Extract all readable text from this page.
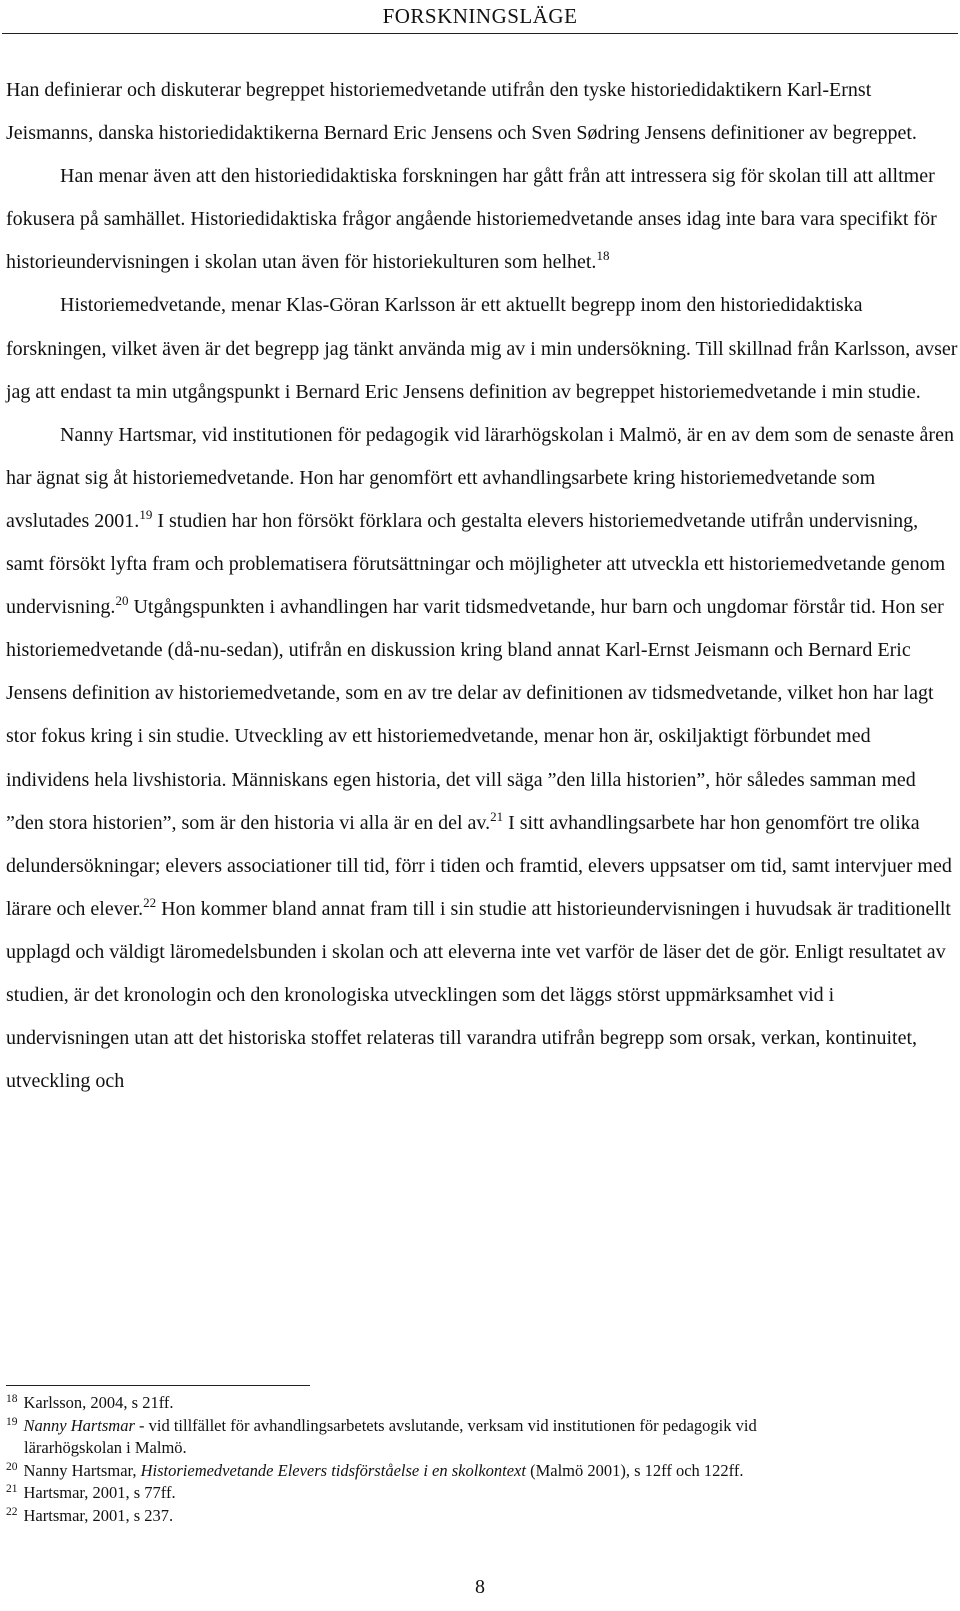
FORSKNINGSLÄGE

Han definierar och diskuterar begreppet historiemedvetande utifrån den tyske historiedidaktikern Karl-Ernst Jeismanns, danska historiedidaktikerna Bernard Eric Jensens och Sven Sødring Jensens definitioner av begreppet.

Han menar även att den historiedidaktiska forskningen har gått från att intressera sig för skolan till att alltmer fokusera på samhället. Historiedidaktiska frågor angående historiemedvetande anses idag inte bara vara specifikt för historieundervisningen i skolan utan även för historiekulturen som helhet.$^{18}$

Historiemedvetande, menar Klas-Göran Karlsson är ett aktuellt begrepp inom den historiedidaktiska forskningen, vilket även är det begrepp jag tänkt använda mig av i min undersökning. Till skillnad från Karlsson, avser jag att endast ta min utgångspunkt i Bernard Eric Jensens definition av begreppet historiemedvetande i min studie.

Nanny Hartsmar, vid institutionen för pedagogik vid lärarhögskolan i Malmö, är en av dem som de senaste åren har ägnat sig åt historiemedvetande. Hon har genomfört ett avhandlingsarbete kring historiemedvetande som avslutades 2001.19 I studien har hon försökt förklara och gestalta elevers historiemedvetande utifrån undervisning, samt försökt lyfta fram och problematisera förutsättningar och möjligheter att utveckla ett historiemedvetande genom undervisning.$^{20}$ Utgångspunkten i avhandlingen har varit tidsmedvetande, hur barn och ungdomar förstår tid. Hon ser historiemedvetande (då-nu-sedan), utifrån en diskussion kring bland annat Karl-Ernst Jeismann och Bernard Eric Jensens definition av historiemedvetande, som en av tre delar av definitionen av tidsmedvetande, vilket hon har lagt stor fokus kring i sin studie. Utveckling av ett historiemedvetande, menar hon är, oskiljaktigt förbundet med individens hela livshistoria. Människans egen historia, det vill säga ”den lilla historien”, hör således samman med ”den stora historien”, som är den historia vi alla är en del av.$^{21}$ I sitt avhandlingsarbete har hon genomfört tre olika delundersökningar; elevers associationer till tid, förr i tiden och framtid, elevers uppsatser om tid, samt intervjuer med lärare och elever.$^{22}$ Hon kommer bland annat fram till i sin studie att historieundervisningen i huvudsak är traditionellt upplagd och väldigt läromedelsbunden i skolan och att eleverna inte vet varför de läser det de gör. Enligt resultatet av studien, är det kronologin och den kronologiska utvecklingen som det läggs störst uppmärksamhet vid i undervisningen utan att det historiska stoffet relateras till varandra utifrån begrepp som orsak, verkan, kontinuitet, utveckling och

$^{18}$ Karlsson, 2004, s 21ff.

$^{19}$ Nanny Hartsmar - vid tillfället för avhandlingsarbetets avslutande, verksam vid institutionen för pedagogik vid
lärarhögskolan i Malmö.

$^{20}$ Nanny Hartsmar, Historiemedvetande Elevers tidsförståelse i en skolkontext (Malmö 2001), s 12ff och 122ff.

$^{21}$ Hartsmar, 2001, s 77ff.

$^{22}$ Hartsmar, 2001, s 237.

8
